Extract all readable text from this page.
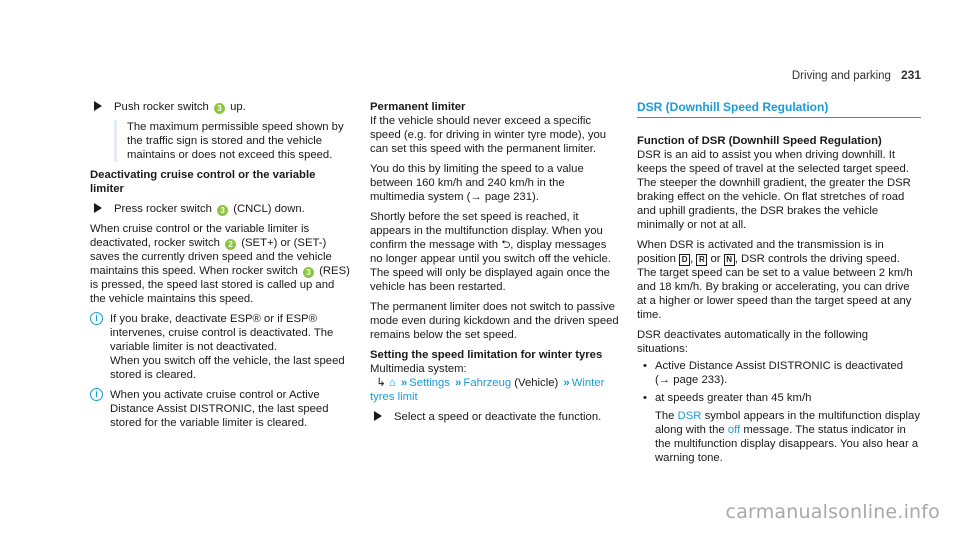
Driving and parking 231
Push rocker switch 3 up.

The maximum permissible speed shown by the traffic sign is stored and the vehicle maintains or does not exceed this speed.

Deactivating cruise control or the variable limiter

Press rocker switch 3 (CNCL) down.

When cruise control or the variable limiter is deactivated, rocker switch 2 (SET+) or (SET-) saves the currently driven speed and the vehicle maintains this speed. When rocker switch 3 (RES) is pressed, the speed last stored is called up and the vehicle maintains this speed.

i	If you brake, deactivate ESP® or if ESP® intervenes, cruise control is deactivated. The variable limiter is not deactivated.
When you switch off the vehicle, the last speed stored is cleared.
i	When you activate cruise control or Active Distance Assist DISTRONIC, the last speed stored for the variable limiter is cleared.

Permanent limiter

If the vehicle should never exceed a specific speed (e.g. for driving in winter tyre mode), you can set this speed with the permanent limiter.

You do this by limiting the speed to a value between 160 km/h and 240 km/h in the multimedia system (→ page 231).

Shortly before the set speed is reached, it appears in the multifunction display. When you confirm the message with ⮌, display messages no longer appear until you switch off the vehicle. The speed will only be displayed again once the vehicle has been restarted.

The permanent limiter does not switch to passive mode even during kickdown and the driven speed remains below the set speed.

Setting the speed limitation for winter tyres

Multimedia system:
↳ ⌂ » Settings » Fahrzeug (Vehicle) » Winter tyres limit
Select a speed or deactivate the function.
DSR (Downhill Speed Regulation)

Function of DSR (Downhill Speed Regulation)

DSR is an aid to assist you when driving downhill. It keeps the speed of travel at the selected target speed. The steeper the downhill gradient, the greater the DSR braking effect on the vehicle. On flat stretches of road and uphill gradients, the DSR brakes the vehicle minimally or not at all.

When DSR is activated and the transmission is in position D , R or N , DSR controls the driving speed. The target speed can be set to a value between 2 km/h and 18 km/h. By braking or accelerating, you can drive at a higher or lower speed than the target speed at any time.

DSR deactivates automatically in the following situations:

• Active Distance Assist DISTRONIC is deactivated (→ page 233).
• at speeds greater than 45 km/h
The DSR symbol appears in the multifunction display along with the off message. The status indicator in the multifunction display disappears. You also hear a warning tone.
carmanualsonline.info
